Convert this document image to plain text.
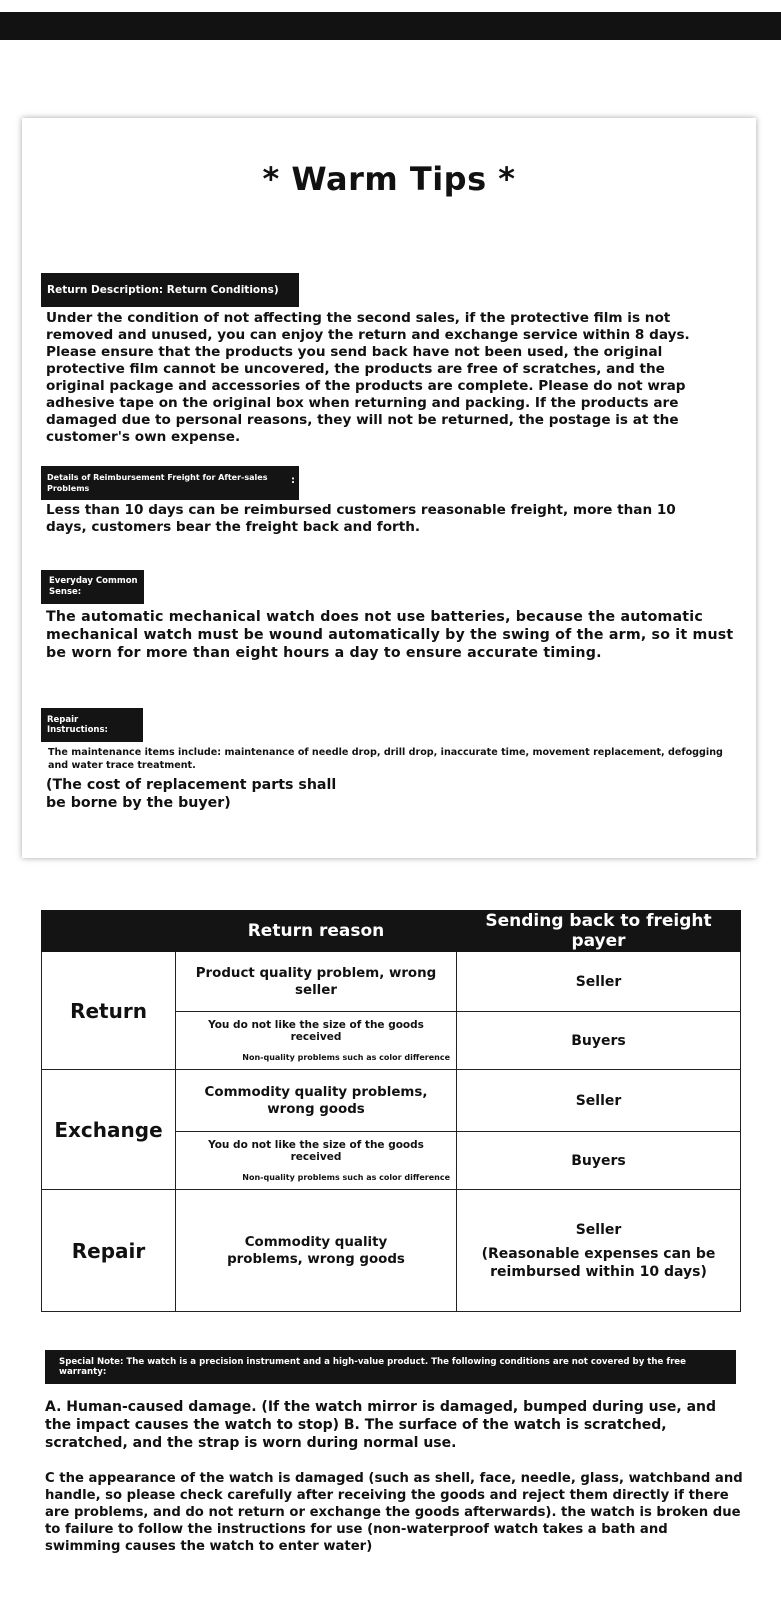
* Warm Tips *
Return Description: Return Conditions)
Under the condition of not affecting the second sales, if the protective film is not removed and unused, you can enjoy the return and exchange service within 8 days. Please ensure that the products you send back have not been used, the original protective film cannot be uncovered, the products are free of scratches, and the original package and accessories of the products are complete. Please do not wrap adhesive tape on the original box when returning and packing. If the products are damaged due to personal reasons, they will not be returned, the postage is at the customer's own expense.
Details of Reimbursement Freight for After-sales Problems
:
Less than 10 days can be reimbursed customers reasonable freight, more than 10 days, customers bear the freight back and forth.
Everyday Common Sense:
The automatic mechanical watch does not use batteries, because the automatic mechanical watch must be wound automatically by the swing of the arm, so it must be worn for more than eight hours a day to ensure accurate timing.
Repair Instructions:
The maintenance items include: maintenance of needle drop, drill drop, inaccurate time, movement replacement, defogging and water trace treatment.
(The cost of replacement parts shall be borne by the buyer)
	Return reason	Sending back to freight payer
Return	Product quality problem, wrong seller	Seller
	You do not like the size of the goods received
Non-quality problems such as color difference	Buyers
Exchange	Commodity quality problems, wrong goods	Seller
	You do not like the size of the goods received
Non-quality problems such as color difference	Buyers
Repair	Commodity quality problems, wrong goods	Seller
(Reasonable expenses can be reimbursed within 10 days)
Special Note: The watch is a precision instrument and a high-value product. The following conditions are not covered by the free warranty:
A. Human-caused damage. (If the watch mirror is damaged, bumped during use, and the impact causes the watch to stop) B. The surface of the watch is scratched, scratched, and the strap is worn during normal use.
C the appearance of the watch is damaged (such as shell, face, needle, glass, watchband and handle, so please check carefully after receiving the goods and reject them directly if there are problems, and do not return or exchange the goods afterwards). the watch is broken due to failure to follow the instructions for use (non-waterproof watch takes a bath and swimming causes the watch to enter water)
